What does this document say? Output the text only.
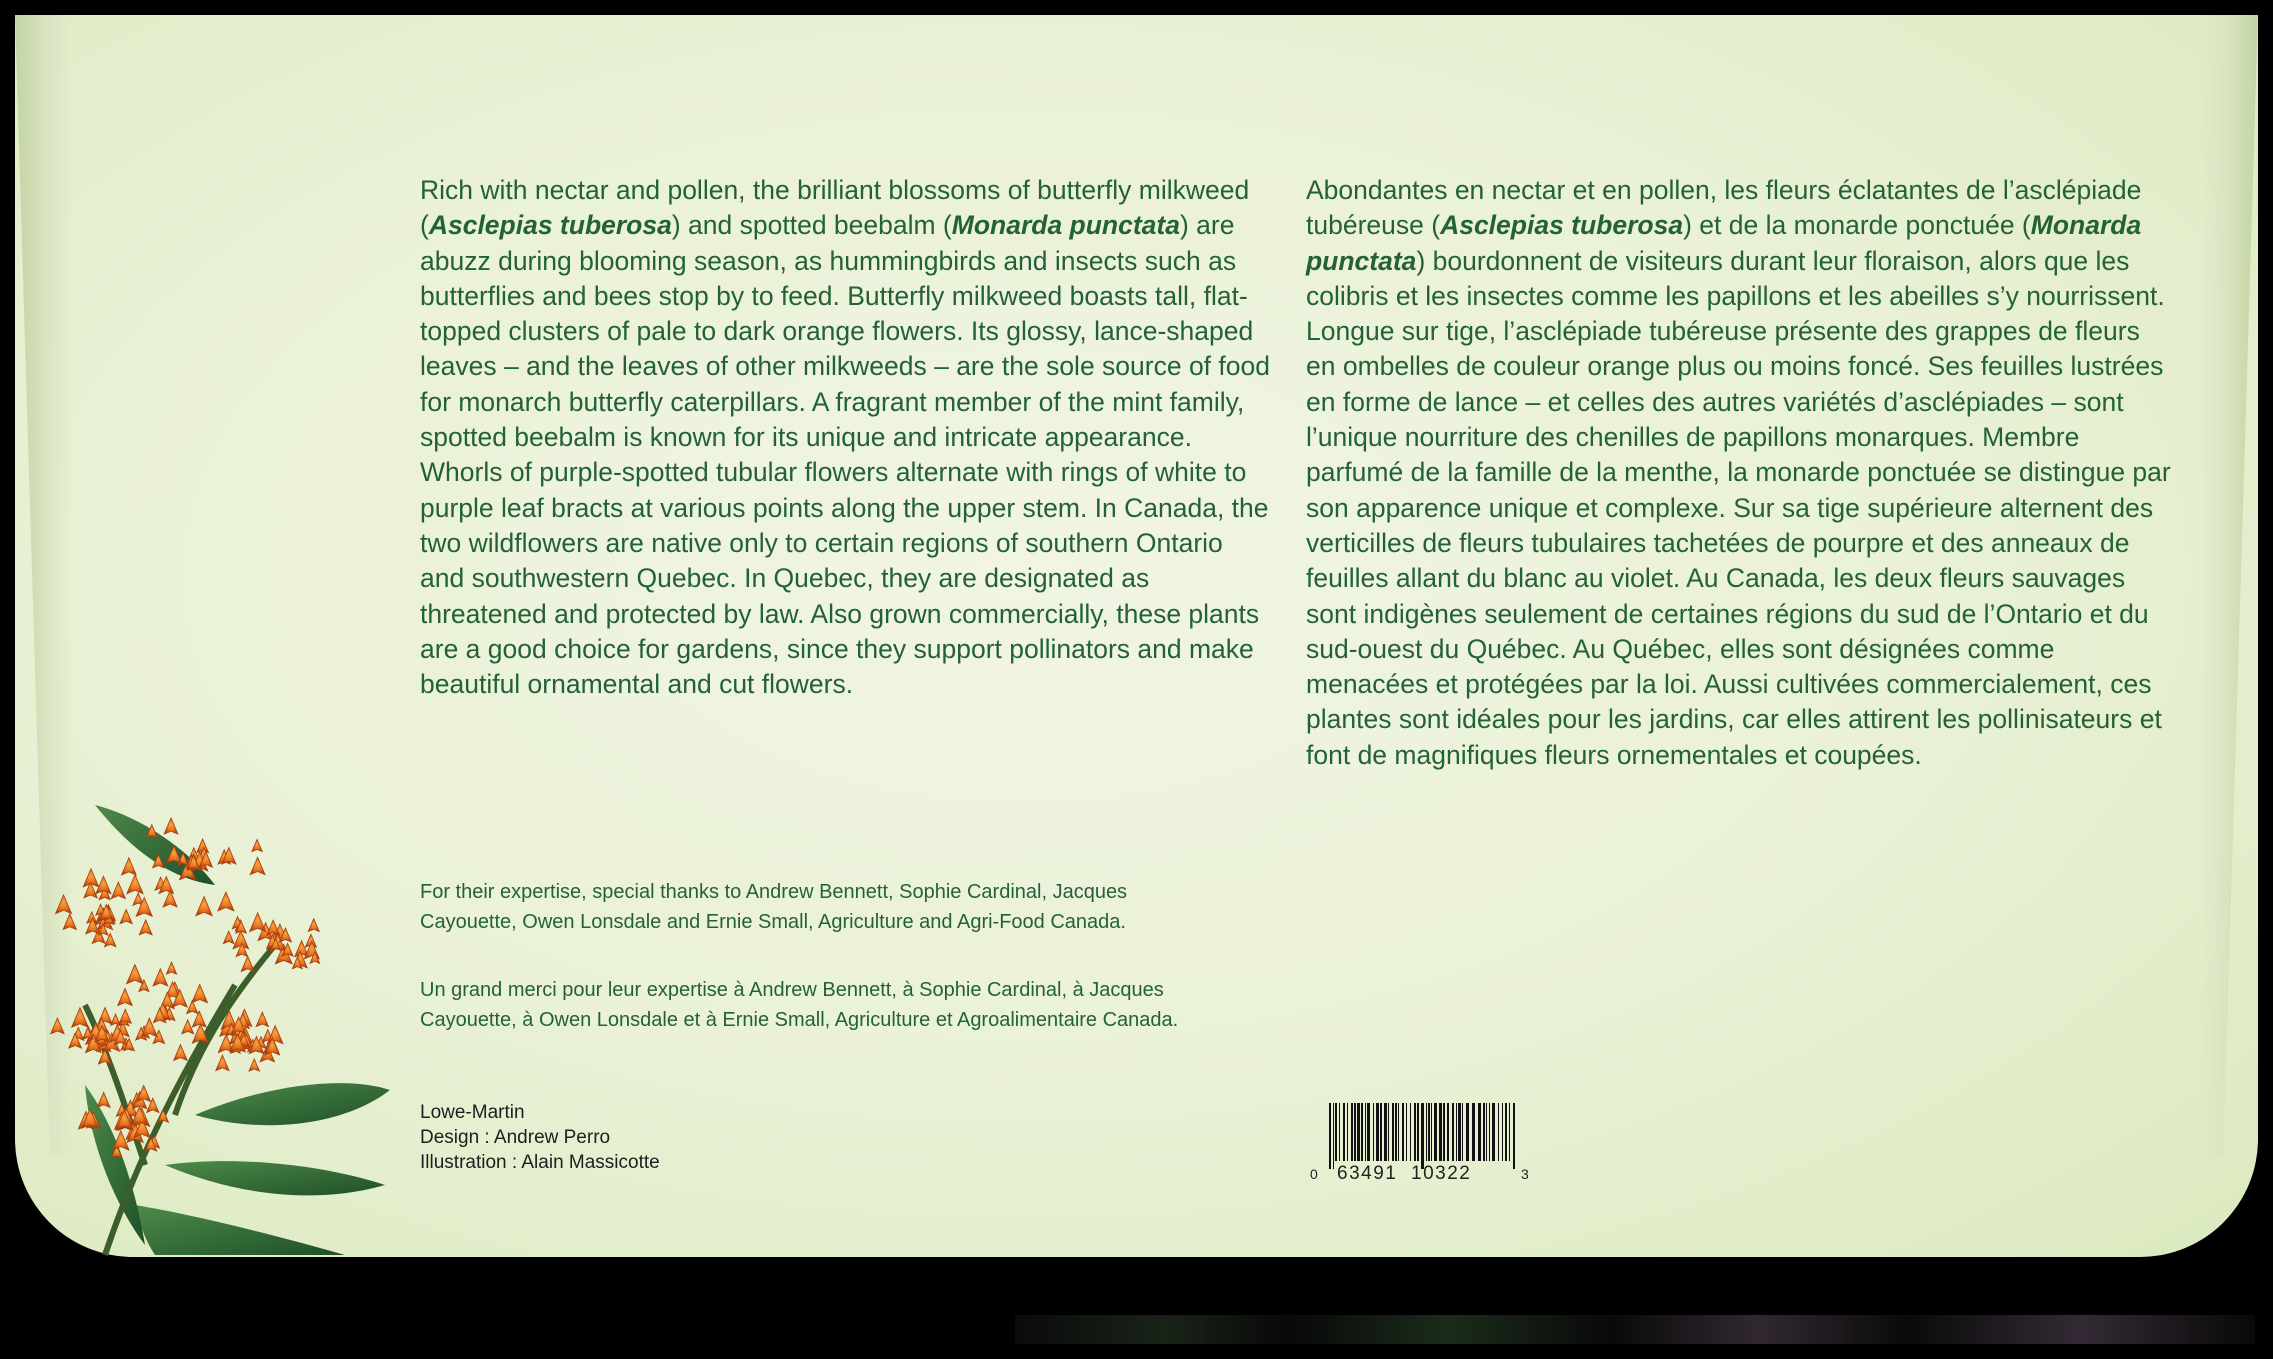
Rich with nectar and pollen, the brilliant blossoms of butterfly milkweed (Asclepias tuberosa) and spotted beebalm (Monarda punctata) are abuzz during blooming season, as hummingbirds and insects such as butterflies and bees stop by to feed. Butterfly milkweed boasts tall, flat-topped clusters of pale to dark orange flowers. Its glossy, lance-shaped leaves – and the leaves of other milkweeds – are the sole source of food for monarch butterfly caterpillars. A fragrant member of the mint family, spotted beebalm is known for its unique and intricate appearance. Whorls of purple-spotted tubular flowers alternate with rings of white to purple leaf bracts at various points along the upper stem. In Canada, the two wildflowers are native only to certain regions of southern Ontario and southwestern Quebec. In Quebec, they are designated as threatened and protected by law. Also grown commercially, these plants are a good choice for gardens, since they support pollinators and make beautiful ornamental and cut flowers.

Abondantes en nectar et en pollen, les fleurs éclatantes de l’asclépiade tubéreuse (Asclepias tuberosa) et de la monarde ponctuée (Monarda punctata) bourdonnent de visiteurs durant leur floraison, alors que les colibris et les insectes comme les papillons et les abeilles s’y nourrissent. Longue sur tige, l’asclépiade tubéreuse présente des grappes de fleurs en ombelles de couleur orange plus ou moins foncé. Ses feuilles lustrées en forme de lance – et celles des autres variétés d’asclépiades – sont l’unique nourriture des chenilles de papillons monarques. Membre parfumé de la famille de la menthe, la monarde ponctuée se distingue par son apparence unique et complexe. Sur sa tige supérieure alternent des verticilles de fleurs tubulaires tachetées de pourpre et des anneaux de feuilles allant du blanc au violet. Au Canada, les deux fleurs sauvages sont indigènes seulement de certaines régions du sud de l’Ontario et du sud-ouest du Québec. Au Québec, elles sont désignées comme menacées et protégées par la loi. Aussi cultivées commercialement, ces plantes sont idéales pour les jardins, car elles attirent les pollinisateurs et font de magnifiques fleurs ornementales et coupées.

For their expertise, special thanks to Andrew Bennett, Sophie Cardinal, Jacques Cayouette, Owen Lonsdale and Ernie Small, Agriculture and Agri-Food Canada.

Un grand merci pour leur expertise à Andrew Bennett, à Sophie Cardinal, à Jacques Cayouette, à Owen Lonsdale et à Ernie Small, Agriculture et Agroalimentaire Canada.

Lowe-Martin
Design : Andrew Perro
Illustration : Alain Massicotte
0 63491 10322	3
